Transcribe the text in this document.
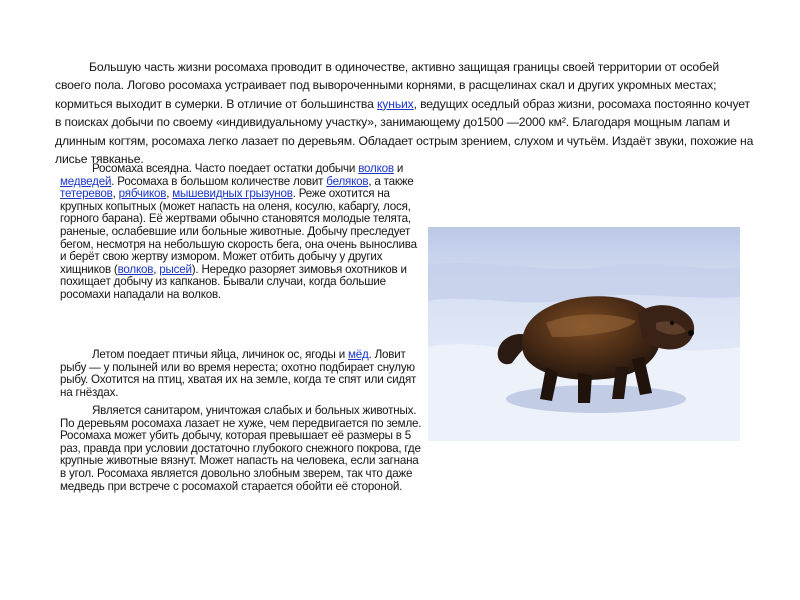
Большую часть жизни росомаха проводит в одиночестве, активно защищая границы своей территории от особей своего пола. Логово росомаха устраивает под вывороченными корнями, в расщелинах скал и других укромных местах; кормиться выходит в сумерки. В отличие от большинства куньих, ведущих оседлый образ жизни, росомаха постоянно кочует в поисках добычи по своему «индивидуальному участку», занимающему до1500 —2000 км². Благодаря мощным лапам и длинным когтям, росомаха легко лазает по деревьям. Обладает острым зрением, слухом и чутьём. Издаёт звуки, похожие на лисье тявканье.

Росомаха всеядна. Часто поедает остатки добычи волков и медведей. Росомаха в большом количестве ловит беляков, а также тетеревов, рябчиков, мышевидных грызунов. Реже охотится на крупных копытных (может напасть на оленя, косулю, кабаргу, лося, горного барана). Её жертвами обычно становятся молодые телята, раненые, ослабевшие или больные животные. Добычу преследует бегом, несмотря на небольшую скорость бега, она очень вынослива и берёт свою жертву измором. Может отбить добычу у других хищников (волков, рысей). Нередко разоряет зимовья охотников и похищает добычу из капканов. Бывали случаи, когда большие росомахи нападали на волков.

Летом поедает птичьи яйца, личинок ос, ягоды и мёд. Ловит рыбу — у полыней или во время нереста; охотно подбирает снулую рыбу. Охотится на птиц, хватая их на земле, когда те спят или сидят на гнёздах.

Является санитаром, уничтожая слабых и больных животных. По деревьям росомаха лазает не хуже, чем передвигается по земле. Росомаха может убить добычу, которая превышает её размеры в 5 раз, правда при условии достаточно глубокого снежного покрова, где крупные животные вязнут. Может напасть на человека, если загнана в угол. Росомаха является довольно злобным зверем, так что даже медведь при встрече с росомахой старается обойти её стороной.
